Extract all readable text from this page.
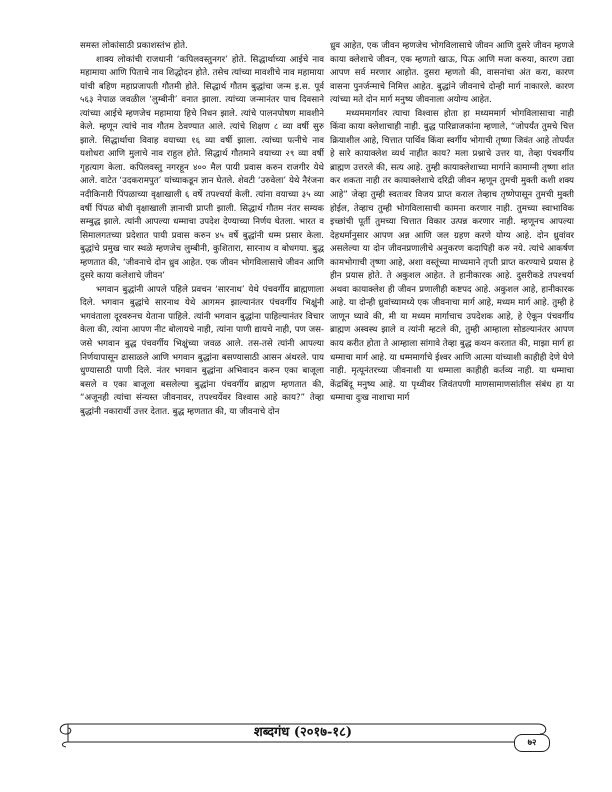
समस्त लोकांसाठी प्रकाशस्तंभ होते.

शाक्य लोकांची राजधानी ‘कपिलवस्तुनगर’ होते. सिद्धार्थाच्या आईचे नाव महामाया आणि पिताचे नाव शिद्धोदन होते. तसेच त्यांच्या मावशीचे नाव महामाया यांची बहिण महाप्रजापती गौतमी होते. सिद्धार्थ गौतम बुद्धांचा जन्म इ.स. पूर्व ५६३ नेपाळ जवळील ‘लुम्बीनी’ वनात झाला. त्यांच्या जन्मानंतर पाच दिवसाने त्यांच्या आईचे म्हणजेच महामाया हिचे निधन झाले. त्यांचे पालनपोषण मावशीने केले. म्हणून त्यांचे नाव गौतम ठेवण्यात आले. त्यांचे शिक्षण ८ व्या वर्षी सुरु झाले. सिद्धार्थाचा विवाह वयाच्या १६ व्या वर्षी झाला. त्यांच्या पत्नीचे नाव यशोधरा आणि मुलाचे नाव राहुल होते. सिद्धार्थ गौतमाने वयाच्या २९ व्या वर्षी गृहत्याग केला. कपिलवस्तु नगरहून ४०० मैल पायी प्रवास करुन राजगीर येथे आले. वाटेत ‘उदकरामपुत’ यांच्याकडून ज्ञान घेतले. शेवटी ‘उरुवेला’ येथे नैरंजना नदीकिनारी पिंपळाच्या वृक्षाखाली ६ वर्षे तपश्चर्या केली. त्यांना वयाच्या ३५ व्या वर्षी पिंपळ बोधी वृक्षाखाली ज्ञानाची प्राप्ती झाली. सिद्धार्थ गौतम नंतर सम्यक सम्बुद्ध झाले. त्यांनी आपल्या धम्माचा उपदेश देण्याच्या निर्णय घेतला. भारत व सिमालगतच्या प्रदेशात पायी प्रवास करुन ४५ वर्षे बुद्धांनी धम्म प्रसार केला. बुद्धांचे प्रमुख चार स्थळे म्हणजेच लुम्बीनी, कुशितारा, सारनाथ व बोधगया. बुद्ध म्हणतात की, ‘जीवनाचे दोन ध्रुव आहेत. एक जीवन भोगविलासाचे जीवन आणि दुसरे काया कलेशाचे जीवन’

भगवान बुद्धांनी आपले पहिले प्रवचन ‘सारनाथ’ येथे पंचवर्गीय ब्राह्मणाला दिले. भगवान बुद्धांचे सारनाथ येथे आगमन झाल्यानंतर पंचवर्गीय भिक्षुंनी भगवंताला दूरवरुनच येताना पाहिले. त्यांनी भगवान बुद्धांना पाहिल्यानंतर विचार केला की, त्यांना आपण नीट बोलायचे नाही, त्यांना पाणी द्यायचे नाही, पण जस-जसे भगवान बुद्ध पंचवर्गीय भिक्षुंच्या जवळ आले. तस-तसे त्यांनी आपल्या निर्णयापासून ढासाळले आणि भगवान बुद्धांना बसण्यासाठी आसन अंथरले. पाय धुण्यासाठी पाणी दिले. नंतर भगवान बुद्धांना अभिवादन करुन एका बाजूला बसले व एका बाजूला बसलेल्या बुद्धांना पंचवर्गीय ब्राह्मण म्हणतात की, “अजूनही त्यांचा संन्यस्त जीवनावर, तपश्चर्येवर विश्वास आहे काय?” तेव्हा बुद्धांनी नकारार्थी उत्तर देतात. बुद्ध म्हणतात की, या जीवनाचे दोन

ध्रुव आहेत, एक जीवन म्हणजेच भोगविलासाचे जीवन आणि दुसरे जीवन म्हणजे काया क्लेशाचे जीवन, एक म्हणतो खाऊ, पिऊ आणि मजा करुया, कारण उद्या आपण सर्व मरणार आहोत. दुसरा म्हणतो की, वासनांचा अंत करा, कारण वासना पुनर्जन्माचे निमित्त आहेत. बुद्धांने जीवनाचे दोन्ही मार्ग नाकारले. कारण त्यांच्या मते दोन मार्ग मनुष्य जीवनाला अयोग्य आहेत.

मध्यममार्गावर त्याचा विश्वास होता हा मध्यममार्ग भोगविलासाचा नाही किंवा काया क्लेशाचाही नाही. बुद्ध पारिव्राजकांना म्हणाले, “जोपर्यंत तुमचे चित्त क्रियाशील आहे, चित्तात पार्थिव किंवा स्वर्गीय भोगाची तृष्णा जिवंत आहे तोपर्यंत हे सारे कायाक्लेश व्यर्थ नाहीत काय? मला प्रश्नाचे उत्तर या, तेव्हा पंचवर्गीय ब्राह्मण उत्तरले की, सत्य आहे. तुम्ही कायाक्लेशाच्या मार्गाने कामाग्नी तृष्णा शांत कर शकता नाही तर कायाक्लेशाचे दरिद्री जीवन म्हणून तुमची मुक्ती कशी शक्य आहे” जेव्हा तुम्ही स्वतःवर विजय प्राप्त कराल तेव्हाच तृष्णेपासून तुमची मुक्ती होईल, तेव्हाच तुम्ही भोगविलासाची कामना करणार नाही. तुमच्या स्वाभाविक इच्छांची पूर्ती तुमच्या चित्तात विकार उत्पन्न करणार नाही. म्हणूनच आपल्या देहधर्मानुसार आपण अन्न आणि जल ग्रहण करणे योग्य आहे. दोन ध्रुवांवर असलेल्या या दोन जीवनप्रणालीचे अनुकरण कदापिही करु नये. त्यांचे आकर्षण कामभोगाची तृष्णा आहे, अशा वस्तूंच्या माध्यमाने तृप्ती प्राप्त करण्याचे प्रयास हे हीन प्रयास होते. ते अकुशल आहेत. ते हानीकारक आहे. दुसरीकडे तपश्चर्या अथवा कायाक्लेश ही जीवन प्रणालीही कष्टपद आहे. अकुशल आहे, हानीकारक आहे. या दोन्ही ध्रुवांच्यामध्ये एक जीवनाचा मार्ग आहे, मध्यम मार्ग आहे. तुम्ही हे जाणून घ्यावे की, मी या मध्यम मार्गाचाच उपदेशक आहे, हे ऐकून पंचवर्गीय ब्राह्मण अस्वस्थ झाले व त्यांनी म्हटले की, तुम्ही आम्हाला सोडल्यानंतर आपण काय करीत होता ते आम्हाला सांगावे तेव्हा बुद्ध कथन करतात की, माझा मार्ग हा धम्माचा मार्ग आहे. या धम्ममार्गाचे ईश्वर आणि आत्मा यांच्याशी काहीही देणे घेणे नाही. मृत्यूनंतरच्या जीवनाशी या धम्माला काहीही कर्तव्य नाही. या धम्माचा केंद्रबिंदू मनुष्य आहे. या पृथ्वीवर जिवंतपणी माणसामाणसांतील संबंध हा या धम्माचा दुःख नाशाचा मार्ग

शब्दगंध (२०१७-१८)
७२
